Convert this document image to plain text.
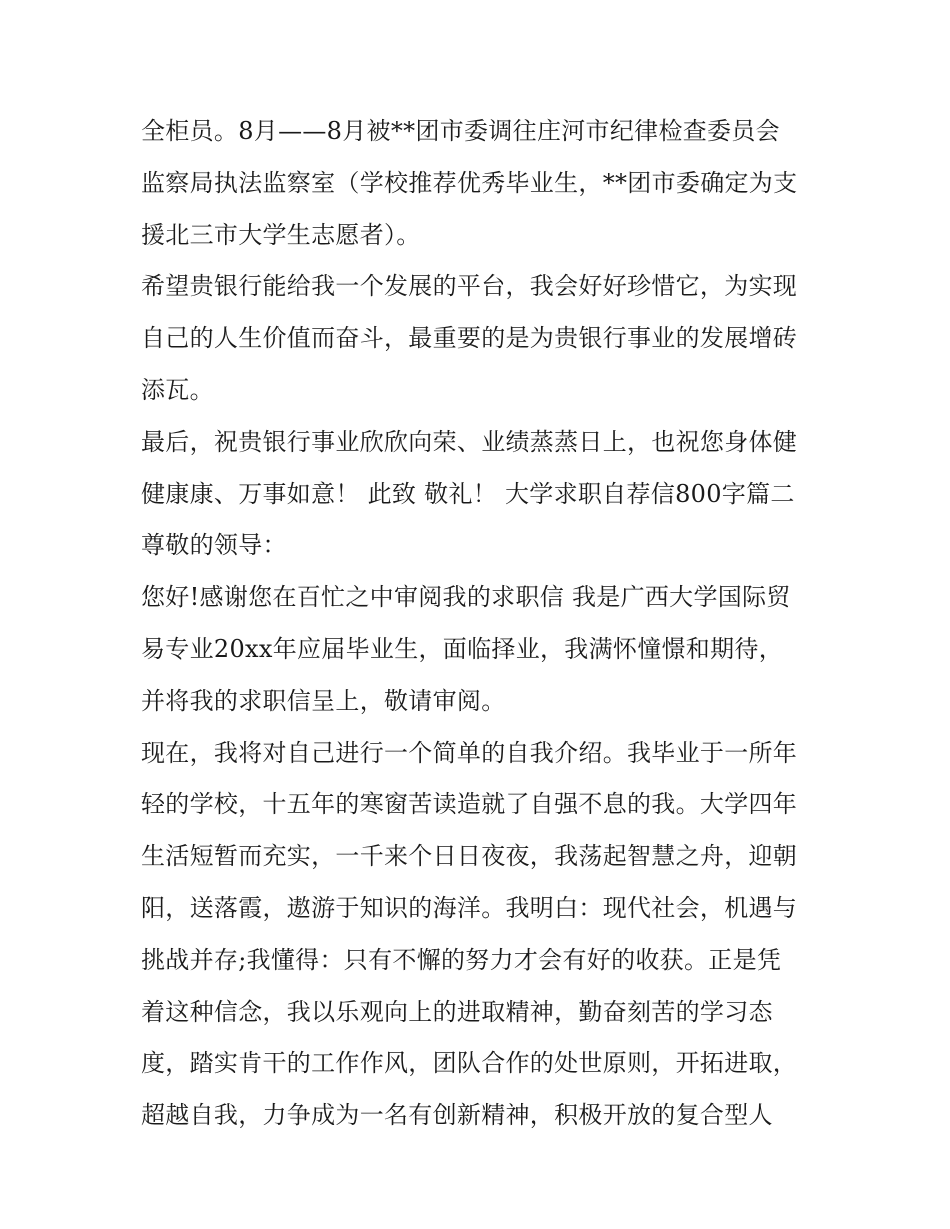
全柜员。8月——8月被**团市委调往庄河市纪律检查委员会
监察局执法监察室（学校推荐优秀毕业生，**团市委确定为支
援北三市大学生志愿者）。
希望贵银行能给我一个发展的平台，我会好好珍惜它，为实现
自己的人生价值而奋斗，最重要的是为贵银行事业的发展增砖
添瓦。
最后，祝贵银行事业欣欣向荣、业绩蒸蒸日上，也祝您身体健
健康康、万事如意！ 此致 敬礼！ 大学求职自荐信800字篇二
尊敬的领导：
您好!感谢您在百忙之中审阅我的求职信 我是广西大学国际贸
易专业20xx年应届毕业生，面临择业，我满怀憧憬和期待，
并将我的求职信呈上，敬请审阅。
现在，我将对自己进行一个简单的自我介绍。我毕业于一所年
轻的学校，十五年的寒窗苦读造就了自强不息的我。大学四年
生活短暂而充实，一千来个日日夜夜，我荡起智慧之舟，迎朝
阳，送落霞，遨游于知识的海洋。我明白：现代社会，机遇与
挑战并存;我懂得：只有不懈的努力才会有好的收获。正是凭
着这种信念，我以乐观向上的进取精神，勤奋刻苦的学习态
度，踏实肯干的工作作风，团队合作的处世原则，开拓进取，
超越自我，力争成为一名有创新精神，积极开放的复合型人
